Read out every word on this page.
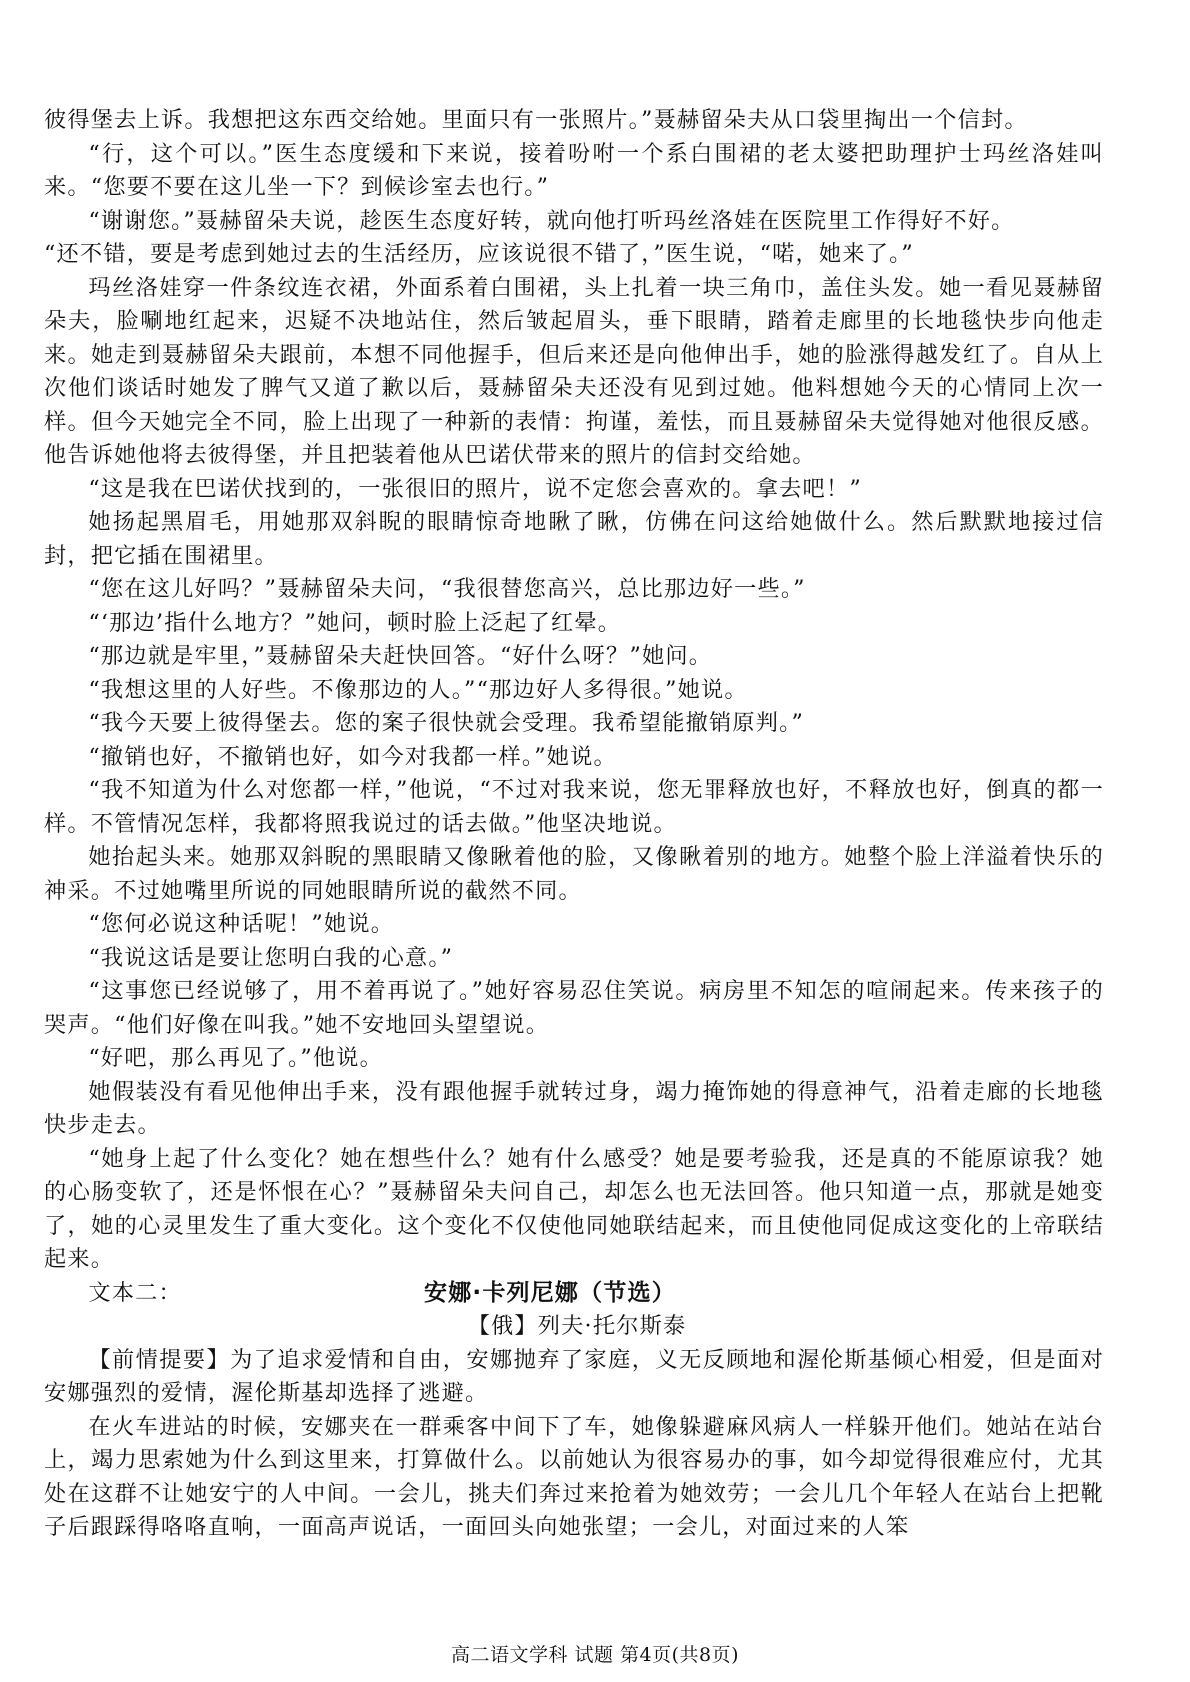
彼得堡去上诉。我想把这东西交给她。里面只有一张照片。”聂赫留朵夫从口袋里掏出一个信封。

“行，这个可以。”医生态度缓和下来说，接着吩咐一个系白围裙的老太婆把助理护士玛丝洛娃叫来。“您要不要在这儿坐一下？到候诊室去也行。”

“谢谢您。”聂赫留朵夫说，趁医生态度好转，就向他打听玛丝洛娃在医院里工作得好不好。

“还不错，要是考虑到她过去的生活经历，应该说很不错了，”医生说，“喏，她来了。”

玛丝洛娃穿一件条纹连衣裙，外面系着白围裙，头上扎着一块三角巾，盖住头发。她一看见聂赫留朵夫，脸唰地红起来，迟疑不决地站住，然后皱起眉头，垂下眼睛，踏着走廊里的长地毯快步向他走来。她走到聂赫留朵夫跟前，本想不同他握手，但后来还是向他伸出手，她的脸涨得越发红了。自从上次他们谈话时她发了脾气又道了歉以后，聂赫留朵夫还没有见到过她。他料想她今天的心情同上次一样。但今天她完全不同，脸上出现了一种新的表情：拘谨，羞怯，而且聂赫留朵夫觉得她对他很反感。他告诉她他将去彼得堡，并且把装着他从巴诺伏带来的照片的信封交给她。

“这是我在巴诺伏找到的，一张很旧的照片，说不定您会喜欢的。拿去吧！”

她扬起黑眉毛，用她那双斜睨的眼睛惊奇地瞅了瞅，仿佛在问这给她做什么。然后默默地接过信封，把它插在围裙里。

“您在这儿好吗？”聂赫留朵夫问，“我很替您高兴，总比那边好一些。”

“‘那边’指什么地方？”她问，顿时脸上泛起了红晕。

“那边就是牢里，”聂赫留朵夫赶快回答。“好什么呀？”她问。

“我想这里的人好些。不像那边的人。”“那边好人多得很。”她说。

“我今天要上彼得堡去。您的案子很快就会受理。我希望能撤销原判。”

“撤销也好，不撤销也好，如今对我都一样。”她说。

“我不知道为什么对您都一样，”他说，“不过对我来说，您无罪释放也好，不释放也好，倒真的都一样。不管情况怎样，我都将照我说过的话去做。”他坚决地说。

她抬起头来。她那双斜睨的黑眼睛又像瞅着他的脸，又像瞅着别的地方。她整个脸上洋溢着快乐的神采。不过她嘴里所说的同她眼睛所说的截然不同。

“您何必说这种话呢！”她说。

“我说这话是要让您明白我的心意。”

“这事您已经说够了，用不着再说了。”她好容易忍住笑说。病房里不知怎的喧闹起来。传来孩子的哭声。“他们好像在叫我。”她不安地回头望望说。

“好吧，那么再见了。”他说。

她假装没有看见他伸出手来，没有跟他握手就转过身，竭力掩饰她的得意神气，沿着走廊的长地毯快步走去。

“她身上起了什么变化？她在想些什么？她有什么感受？她是要考验我，还是真的不能原谅我？她的心肠变软了，还是怀恨在心？”聂赫留朵夫问自己，却怎么也无法回答。他只知道一点，那就是她变了，她的心灵里发生了重大变化。这个变化不仅使他同她联结起来，而且使他同促成这变化的上帝联结起来。

文本二：	安娜·卡列尼娜（节选）
【俄】列夫·托尔斯泰

【前情提要】为了追求爱情和自由，安娜抛弃了家庭，义无反顾地和渥伦斯基倾心相爱，但是面对安娜强烈的爱情，渥伦斯基却选择了逃避。

在火车进站的时候，安娜夹在一群乘客中间下了车，她像躲避麻风病人一样躲开他们。她站在站台上，竭力思索她为什么到这里来，打算做什么。以前她认为很容易办的事，如今却觉得很难应付，尤其处在这群不让她安宁的人中间。一会儿，挑夫们奔过来抢着为她效劳；一会儿几个年轻人在站台上把靴子后跟踩得咯咯直响，一面高声说话，一面回头向她张望；一会儿，对面过来的人笨

高二语文学科 试题 第4页(共8页)
